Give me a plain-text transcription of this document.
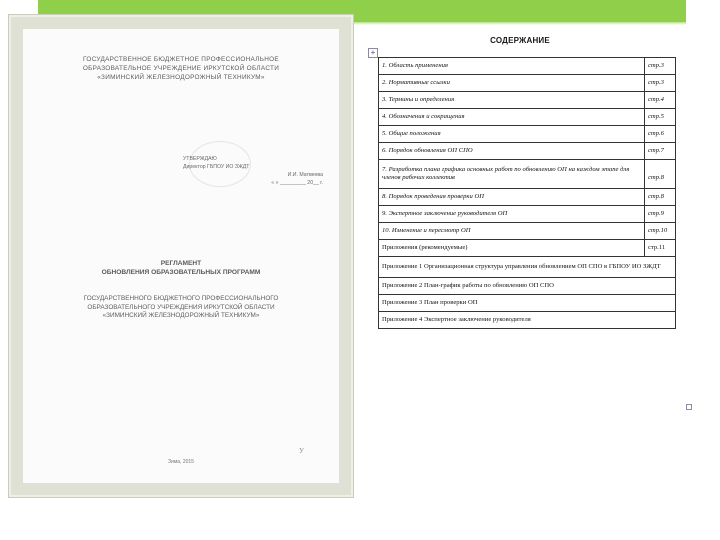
ГОСУДАРСТВЕННОЕ БЮДЖЕТНОЕ ПРОФЕССИОНАЛЬНОЕ
ОБРАЗОВАТЕЛЬНОЕ УЧРЕЖДЕНИЕ ИРКУТСКОЙ ОБЛАСТИ
«ЗИМИНСКИЙ ЖЕЛЕЗНОДОРОЖНЫЙ ТЕХНИКУМ»
УТВЕРЖДАЮ
Директор ГБПОУ ИО ЗЖДТ
И.И. Матвеева
« » _________ 20__ г.
РЕГЛАМЕНТ
ОБНОВЛЕНИЯ ОБРАЗОВАТЕЛЬНЫХ ПРОГРАММ
ГОСУДАРСТВЕННОГО БЮДЖЕТНОГО ПРОФЕССИОНАЛЬНОГО
ОБРАЗОВАТЕЛЬНОГО УЧРЕЖДЕНИЯ ИРКУТСКОЙ ОБЛАСТИ
«ЗИМИНСКИЙ ЖЕЛЕЗНОДОРОЖНЫЙ ТЕХНИКУМ»
У
Зима, 2015
СОДЕРЖАНИЕ
+
1. Область применения	стр.3
2. Нормативные ссылки	стр.3
3. Термины и определения	стр.4
4. Обозначения и сокращения	стр.5
5. Общие положения	стр.6
6. Порядок обновления ОП СПО	стр.7
7. Разработка плана графика основных работ по обновлению ОП на каждом этапе для членов рабочих коллектив	стр.8
8. Порядок проведения проверки ОП	стр.8
9. Экспертное заключение руководителя ОП	стр.9
10. Изменение и пересмотр ОП	стр.10
Приложения (рекомендуемые)	стр.11
Приложение 1 Организационная структура управления обновлением ОП СПО в ГБПОУ ИО ЗЖДТ	
Приложение 2 План-график работы по обновлению ОП СПО	
Приложение 3 План проверки ОП	
Приложение 4 Экспертное заключение руководителя	
